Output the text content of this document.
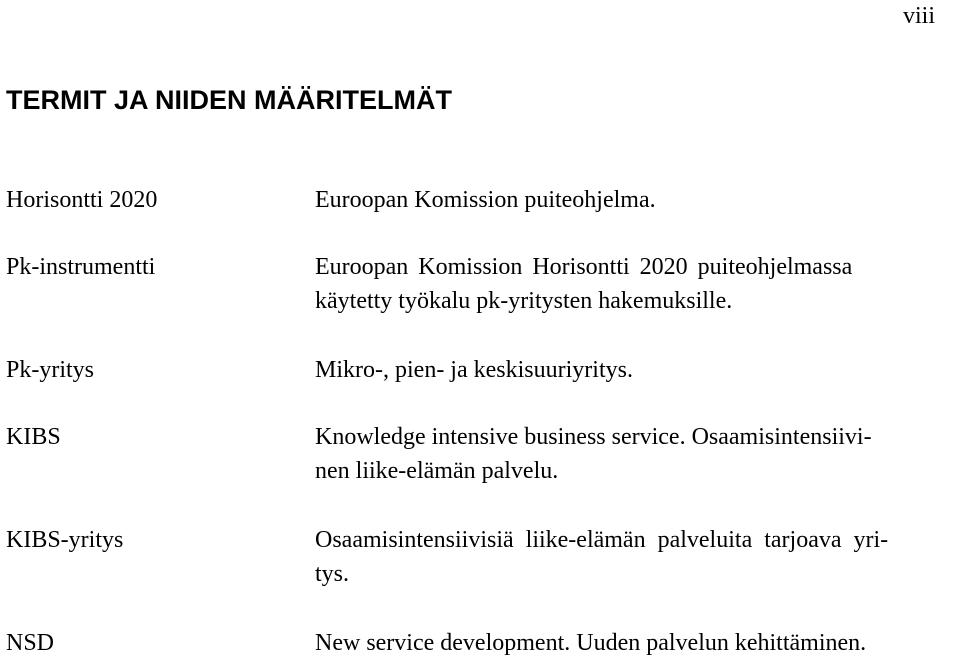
viii
TERMIT JA NIIDEN MÄÄRITELMÄT
Horisontti 2020	Euroopan Komission puiteohjelma.
Pk-instrumentti	Euroopan Komission Horisontti 2020 puiteohjelmassa
käytetty työkalu pk-yritysten hakemuksille.
Pk-yritys	Mikro-, pien- ja keskisuuriyritys.
KIBS	Knowledge intensive business service. Osaamisintensiivi-
nen liike-elämän palvelu.
KIBS-yritys	Osaamisintensiivisiä liike-elämän palveluita tarjoava yri-
tys.
NSD	New service development. Uuden palvelun kehittäminen.
